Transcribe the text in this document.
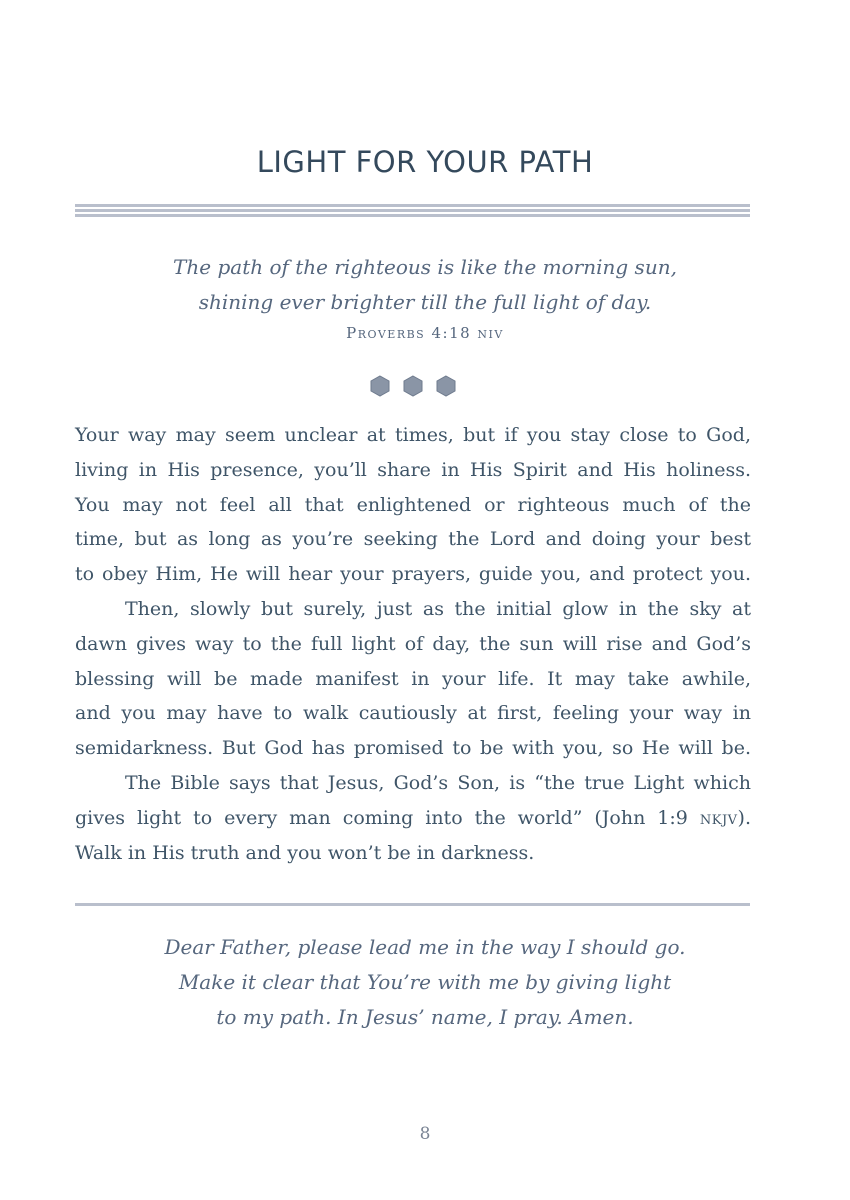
LIGHT FOR YOUR PATH

The path of the righteous is like the morning sun,

shining ever brighter till the full light of day.

Proverbs 4:18 niv
Your way may seem unclear at times, but if you stay close to God,
living in His presence, you’ll share in His Spirit and His holiness.
You may not feel all that enlightened or righteous much of the
time, but as long as you’re seeking the Lord and doing your best
to obey Him, He will hear your prayers, guide you, and protect you.
Then, slowly but surely, just as the initial glow in the sky at
dawn gives way to the full light of day, the sun will rise and God’s
blessing will be made manifest in your life. It may take awhile,
and you may have to walk cautiously at first, feeling your way in
semidarkness. But God has promised to be with you, so He will be.
The Bible says that Jesus, God’s Son, is “the true Light which
gives light to every man coming into the world” (John 1:9 nkjv).
Walk in His truth and you won’t be in darkness.

Dear Father, please lead me in the way I should go.

Make it clear that You’re with me by giving light

to my path. In Jesus’ name, I pray. Amen.

8
